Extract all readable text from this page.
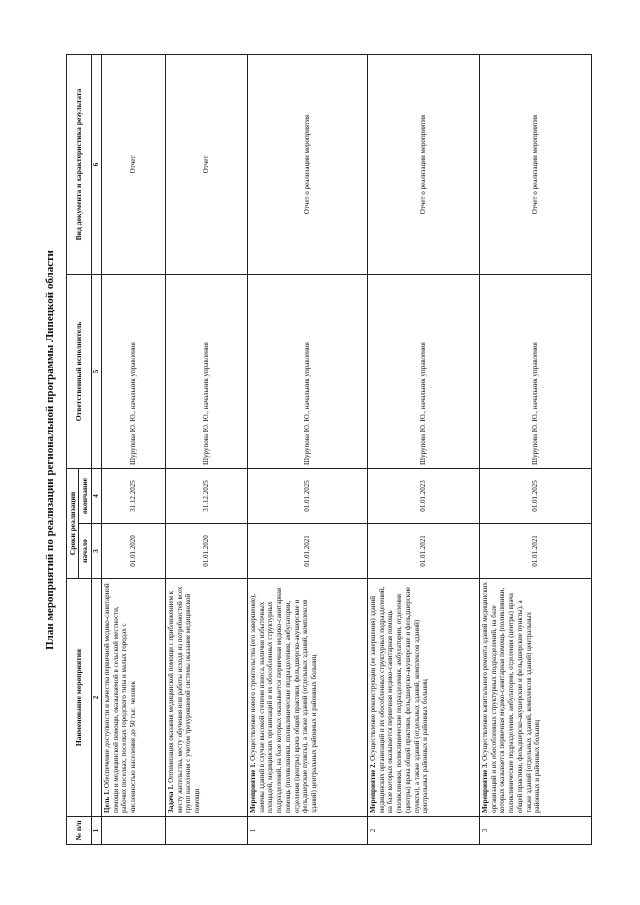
План мероприятий по реализации региональной программы Липецкой области
№ п/п	Наименование мероприятия	Сроки реализации		Ответственный исполнитель	Вид документа и характеристика результата
		начало	окончание		
1	2	3	4	5	6
	Цель 1. Обеспечение доступности и качества первичной медико-санитарной помощи и медицинской помощи, оказываемой в сельской местности, рабочих поселках, поселках городского типа и малых городах с численностью населения до 50 тыс. человек	01.01.2020	31.12.2025	Шурупова Ю. Ю., начальник управления	Отчет
	Задача 1. Оптимизация оказания медицинской помощи с приближением к месту жительства, месту обучения или работы исходя из потребностей всех групп населения с учетом трехуровневой системы оказания медицинской помощи	01.01.2020	31.12.2025	Шурупова Ю. Ю., начальник управления	Отчет
1	Мероприятие 1. Осуществление нового строительства (его завершение), замены зданий в случае высокой степени износа, наличия избыточных площадей, медицинских организаций и их обособленных структурных подразделений, на базе которых оказывается первичная медико-санитарная помощь (поликлиники, поликлинические подразделения, амбулатории, отделения (центры) врача общей практики, фельдшерско-акушерские и фельдшерские пункты), а также зданий (отдельных зданий, комплексов зданий) центральных районных и районных больниц	01.01.2021	01.01.2025	Шурупова Ю. Ю., начальник управления	Отчет о реализации мероприятия
2	Мероприятие 2. Осуществление реконструкции (ее завершения) зданий медицинских организаций и их обособленных структурных подразделений, на базе которых оказывается первичная медико-санитарная помощь (поликлиники, поликлинические подразделения, амбулатории, отделения (центры) врача общей практики, фельдшерско-акушерские и фельдшерские пункты), а также зданий (отдельных зданий, комплексов зданий) центральных районных и районных больниц	01.01.2021	01.01.2023	Шурупова Ю. Ю., начальник управления	Отчет о реализации мероприятия
3	Мероприятие 3. Осуществление капитального ремонта зданий медицинских организаций и их обособленных структурных подразделений, на базе которых оказывается первичная медико-санитарная помощь (поликлиники, поликлинические подразделения, амбулатории, отделения (центры) врача общей практики, фельдшерско-акушерские и фельдшерские пункты), а также зданий (отдельных зданий, комплексов зданий) центральных районных и районных больниц	01.01.2021	01.01.2025	Шурупова Ю. Ю., начальник управления	Отчет о реализации мероприятия
